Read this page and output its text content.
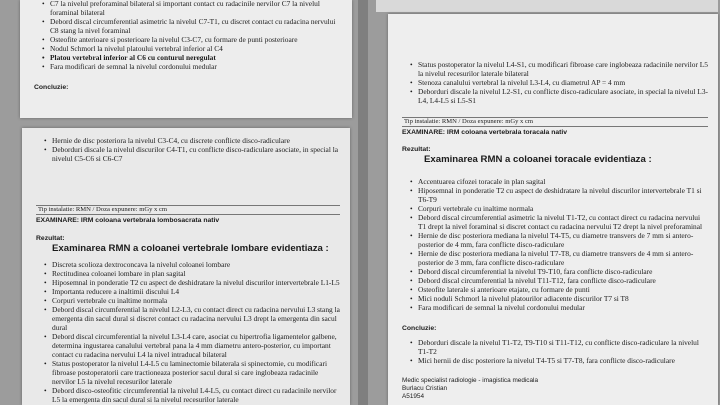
• C7 la nivelul preforaminal bilateral si important contact cu radacinile nervilor C7 la nivelul foraminal bilateral
• Debord discal circumferential asimetric la nivelul C7-T1, cu discret contact cu radacina nervului C8 stang la nivel foraminal
• Osteofite anterioare si posterioare la nivelul C3-C7, cu formare de punti posterioare
• Nodul Schmorl la nivelul platoului vertebral inferior al C4
• Platou vertebral inferior al C6 cu conturul neregulat
• Fara modificari de semnal la nivelul cordonului medular
Concluzie:
• Hernie de disc posteriora la nivelul C3-C4, cu discrete conflicte disco-radiculare
• Deborduri discale la nivelul discurilor C4-T1, cu conflicte disco-radiculare asociate, in special la nivelul C5-C6 si C6-C7
Tip instalatie: RMN / Doza expunere: mGy x cm
EXAMINARE: IRM coloana vertebrala lombosacrata nativ
Rezultat:
Examinarea RMN a coloanei vertebrale lombare evidentiaza :
• Discreta scolioza dextroconcava la nivelul coloanei lombare
• Rectitudinea coloanei lombare in plan sagital
• Hiposemnal in ponderatie T2 cu aspect de deshidratare la nivelul discurilor intervertebrale L1-L5
• Importanta reducere a inaltimii discului L4
• Corpuri vertebrale cu inaltime normala
• Debord discal circumferential la nivelul L2-L3, cu contact direct cu radacina nervului L3 stang la emergenta din sacul dural si discret contact cu radacina nervului L3 drept la emergenta din sacul dural
• Debord discal circumferential la nivelul L3-L4 care, asociat cu hipertrofia ligamentelor galbene, determina ingustarea canalului vertebral pana la 4 mm diametru antero-posterior, cu important contact cu radacina nervului L4 la nivel intraducal bilateral
• Status postoperator la nivelul L4-L5 cu laminectomie bilaterala si spinectomie, cu modificari fibroase postoperatorii care tractioneaza posterior sacul dural si care inglobeaza radacinile nervilor L5 la nivelul recesurilor laterale
• Debord disco-osteofitic circumferential la nivelul L4-L5, cu contact direct cu radacinile nervilor L5 la emergenta din sacul dural si la nivelul recesurilor laterale
• Status postoperator la nivelul L4-S1, cu modificari fibroase care inglobeaza radacinile nervilor L5 la nivelul recesurilor laterale bilateral
• Stenoza canalului vertebral la nivelul L3-L4, cu diametrul AP = 4 mm
• Deborduri discale la nivelul L2-S1, cu conflicte disco-radiculare asociate, in special la nivelul L3-L4, L4-L5 si L5-S1
Tip instalatie: RMN / Doza expunere: mGy x cm
EXAMINARE: IRM coloana vertebrala toracala nativ
Rezultat:
Examinarea RMN a coloanei toracale evidentiaza :
• Accentuarea cifozei toracale in plan sagital
• Hiposemnal in ponderatie T2 cu aspect de deshidratare la nivelul discurilor intervertebrale T1 si T6-T9
• Corpuri vertebrale cu inaltime normala
• Debord discal circumferential asimetric la nivelul T1-T2, cu contact direct cu radacina nervului T1 drept la nivel foraminal si discret contact cu radacina nervului T2 drept la nivel preforaminal
• Hernie de disc posteriora mediana la nivelul T4-T5, cu diametre transvers de 7 mm si antero-posterior de 4 mm, fara conflicte disco-radiculare
• Hernie de disc posteriora mediana la nivelul T7-T8, cu diametre transvers de 4 mm si antero-posterior de 3 mm, fara conflicte disco-radiculare
• Debord discal circumferential la nivelul T9-T10, fara conflicte disco-radiculare
• Debord discal circumferential la nivelul T11-T12, fara conflicte disco-radiculare
• Osteofite laterale si anterioare etajate, cu formare de punti
• Mici noduli Schmorl la nivelul platourilor adiacente discurilor T7 si T8
• Fara modificari de semnal la nivelul cordonului medular
Concluzie:
• Deborduri discale la nivelul T1-T2, T9-T10 si T11-T12, cu conflicte disco-radiculare la nivelul T1-T2
• Mici hernii de disc posteriore la nivelul T4-T5 si T7-T8, fara conflicte disco-radiculare
Medic specialist radiologie - imagistica medicala
Burlacu Cristian
A51954
